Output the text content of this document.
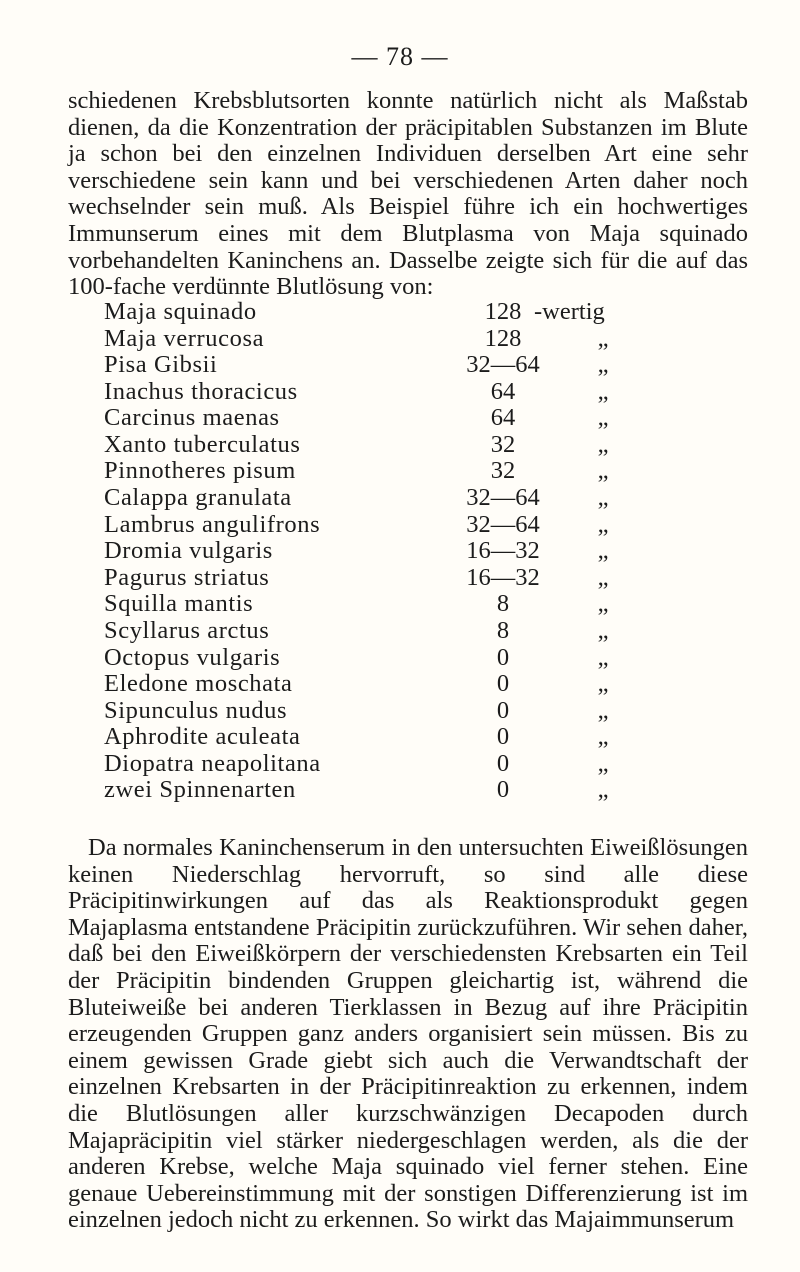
— 78 —

schiedenen Krebsblutsorten konnte natürlich nicht als Maßstab dienen, da die Konzentration der präcipitablen Substanzen im Blute ja schon bei den einzelnen Individuen derselben Art eine sehr verschiedene sein kann und bei verschiedenen Arten daher noch wechselnder sein muß. Als Beispiel führe ich ein hochwertiges Immunserum eines mit dem Blutplasma von Maja squinado vorbehandelten Kaninchens an. Dasselbe zeigte sich für die auf das 100-fache verdünnte Blutlösung von:

Maja squinado	128 -wertig
Maja verrucosa	128	„
Pisa Gibsii	32—64	„
Inachus thoracicus	64	„
Carcinus maenas	64	„
Xanto tuberculatus	32	„
Pinnotheres pisum	32	„
Calappa granulata	32—64	„
Lambrus angulifrons	32—64	„
Dromia vulgaris	16—32	„
Pagurus striatus	16—32	„
Squilla mantis	8	„
Scyllarus arctus	8	„
Octopus vulgaris	0	„
Eledone moschata	0	„
Sipunculus nudus	0	„
Aphrodite aculeata	0	„
Diopatra neapolitana	0	„
zwei Spinnenarten	0	„

Da normales Kaninchenserum in den untersuchten Eiweißlösungen keinen Niederschlag hervorruft, so sind alle diese Präcipitinwirkungen auf das als Reaktionsprodukt gegen Majaplasma entstandene Präcipitin zurückzuführen. Wir sehen daher, daß bei den Eiweißkörpern der verschiedensten Krebsarten ein Teil der Präcipitin bindenden Gruppen gleichartig ist, während die Bluteiweiße bei anderen Tierklassen in Bezug auf ihre Präcipitin erzeugenden Gruppen ganz anders organisiert sein müssen. Bis zu einem gewissen Grade giebt sich auch die Verwandtschaft der einzelnen Krebsarten in der Präcipitinreaktion zu erkennen, indem die Blutlösungen aller kurzschwänzigen Decapoden durch Majapräcipitin viel stärker niedergeschlagen werden, als die der anderen Krebse, welche Maja squinado viel ferner stehen. Eine genaue Uebereinstimmung mit der sonstigen Differenzierung ist im einzelnen jedoch nicht zu erkennen. So wirkt das Majaimmunserum
